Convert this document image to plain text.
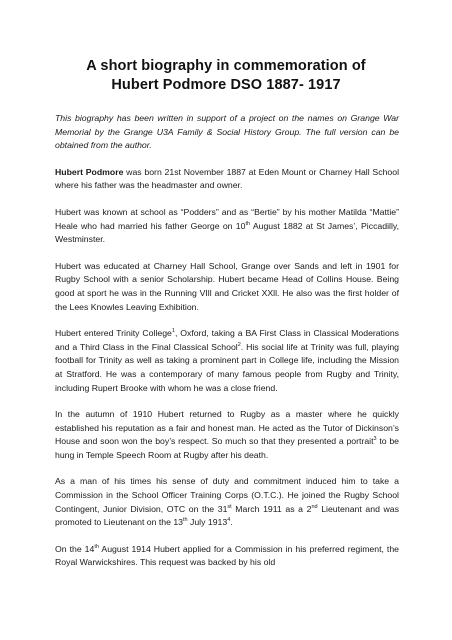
A short biography in commemoration of
Hubert Podmore DSO 1887- 1917

This biography has been written in support of a project on the names on Grange War Memorial by the Grange U3A Family & Social History Group. The full version can be obtained from the author.

Hubert Podmore was born 21st November 1887 at Eden Mount or Charney Hall School where his father was the headmaster and owner.

Hubert was known at school as “Podders” and as “Bertie” by his mother Matilda “Mattie” Heale who had married his father George on 10th August 1882 at St James’, Piccadilly, Westminster.

Hubert was educated at Charney Hall School, Grange over Sands and left in 1901 for Rugby School with a senior Scholarship. Hubert became Head of Collins House. Being good at sport he was in the Running VIll and Cricket XXll. He also was the first holder of the Lees Knowles Leaving Exhibition.

Hubert entered Trinity College$^1$, Oxford, taking a BA First Class in Classical Moderations and a Third Class in the Final Classical School$^2$. His social life at Trinity was full, playing football for Trinity as well as taking a prominent part in College life, including the Mission at Stratford. He was a contemporary of many famous people from Rugby and Trinity, including Rupert Brooke with whom he was a close friend.

In the autumn of 1910 Hubert returned to Rugby as a master where he quickly established his reputation as a fair and honest man. He acted as the Tutor of Dickinson’s House and soon won the boy’s respect. So much so that they presented a portrait$^3$ to be hung in Temple Speech Room at Rugby after his death.

As a man of his times his sense of duty and commitment induced him to take a Commission in the School Officer Training Corps (O.T.C.). He joined the Rugby School Contingent, Junior Division, OTC on the 31st March 1911 as a 2nd Lieutenant and was promoted to Lieutenant on the 13th July 1913$^4$.

On the 14th August 1914 Hubert applied for a Commission in his preferred regiment, the Royal Warwickshires. This request was backed by his old
